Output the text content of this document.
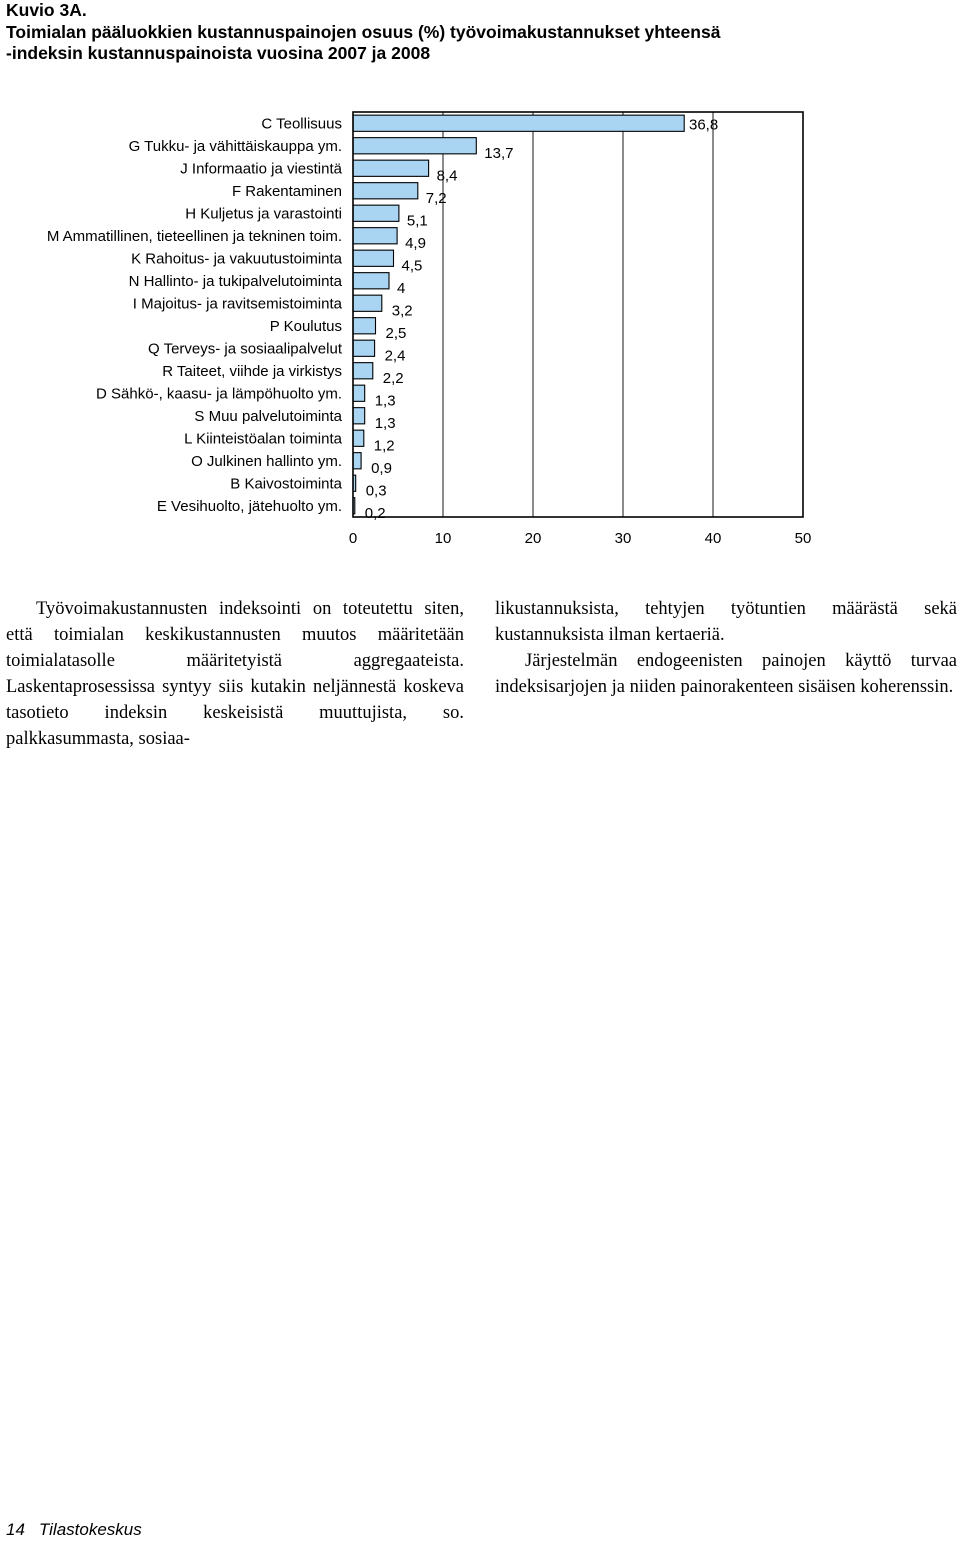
Kuvio 3A.
Toimialan pääluokkien kustannuspainojen osuus (%) työvoimakustannukset yhteensä
-indeksin kustannuspainoista vuosina 2007 ja 2008
C Teollisuus
G Tukku- ja vähittäiskauppa ym.
J Informaatio ja viestintä
F Rakentaminen
H Kuljetus ja varastointi
M Ammatillinen, tieteellinen ja tekninen toim.
K Rahoitus- ja vakuutustoiminta
N Hallinto- ja tukipalvelutoiminta
I Majoitus- ja ravitsemistoiminta
P Koulutus
Q Terveys- ja sosiaalipalvelut
R Taiteet, viihde ja virkistys
D Sähkö-, kaasu- ja lämpöhuolto ym.
S Muu palvelutoiminta
L Kiinteistöalan toiminta
O Julkinen hallinto ym.
B Kaivostoiminta
E Vesihuolto, jätehuolto ym.
36,8
13,7
8,4
7,2
5,1
4,9
4,5
4
3,2
2,5
2,4
2,2
1,3
1,3
1,2
0,9
0,3
0,2
0	10	20	30	40	50

Työvoimakustannusten indeksointi on toteutettu siten, että toimialan keskikustannusten muutos määritetään toimialatasolle määritetyistä aggregaateista. Laskentaprosessissa syntyy siis kutakin neljännestä koskeva tasotieto indeksin keskeisistä muuttujista, so. palkkasummasta, sosiaa-

likustannuksista, tehtyjen työtuntien määrästä sekä kustannuksista ilman kertaeriä.

Järjestelmän endogeenisten painojen käyttö turvaa indeksisarjojen ja niiden painorakenteen sisäisen koherenssin.

14 Tilastokeskus
